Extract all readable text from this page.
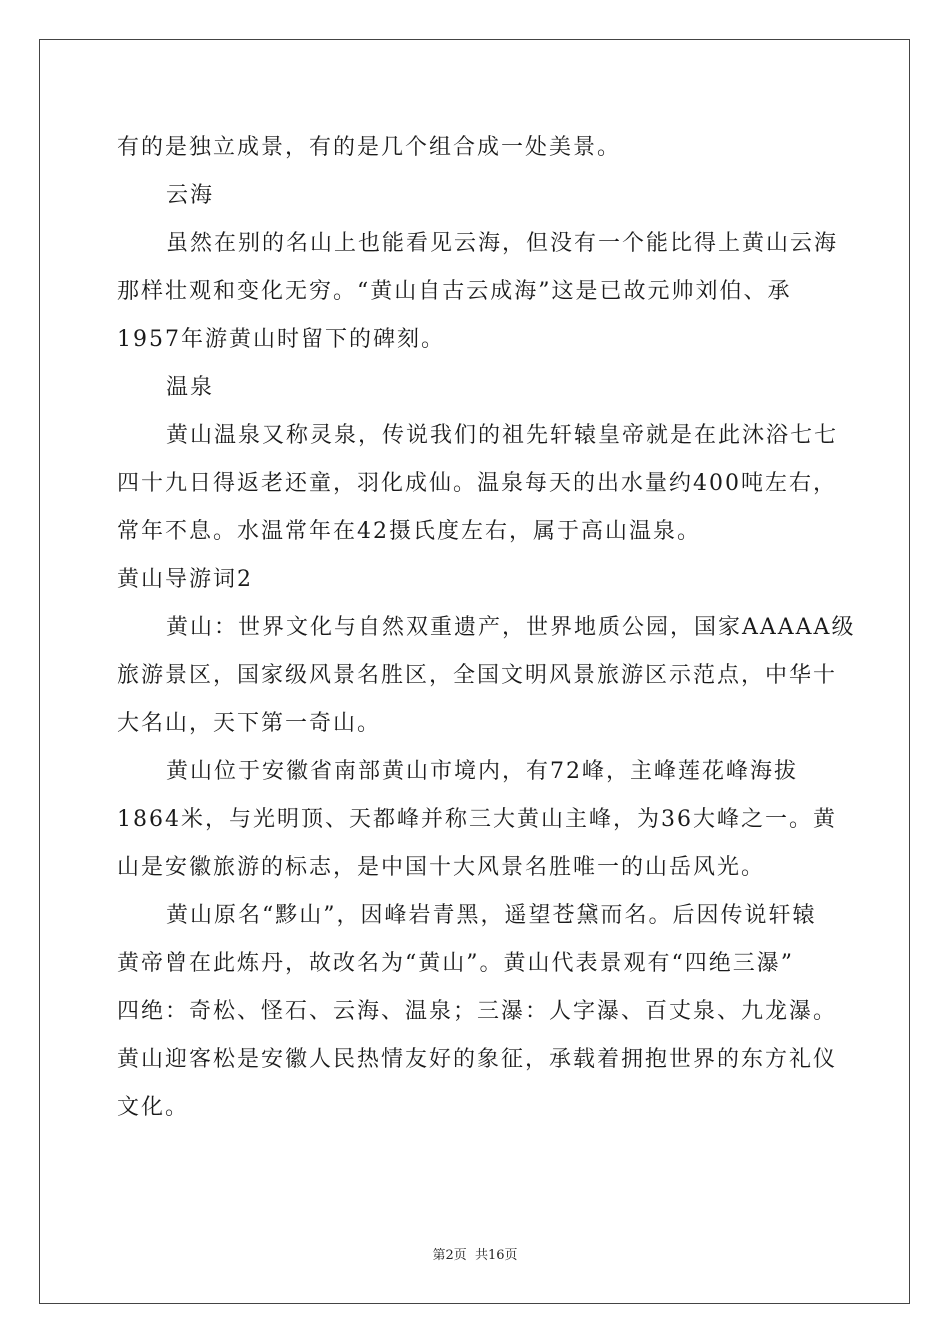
有的是独立成景，有的是几个组合成一处美景。
云海
虽然在别的名山上也能看见云海，但没有一个能比得上黄山云海
那样壮观和变化无穷。“黄山自古云成海”这是已故元帅刘伯、承
1957年游黄山时留下的碑刻。
温泉
黄山温泉又称灵泉，传说我们的祖先轩辕皇帝就是在此沐浴七七
四十九日得返老还童，羽化成仙。温泉每天的出水量约400吨左右，
常年不息。水温常年在42摄氏度左右，属于高山温泉。
黄山导游词2
黄山：世界文化与自然双重遗产，世界地质公园，国家AAAAA级
旅游景区，国家级风景名胜区，全国文明风景旅游区示范点，中华十
大名山，天下第一奇山。
黄山位于安徽省南部黄山市境内，有72峰，主峰莲花峰海拔
1864米，与光明顶、天都峰并称三大黄山主峰，为36大峰之一。黄
山是安徽旅游的标志，是中国十大风景名胜唯一的山岳风光。
黄山原名“黟山”，因峰岩青黑，遥望苍黛而名。后因传说轩辕
黄帝曾在此炼丹，故改名为“黄山”。黄山代表景观有“四绝三瀑”
四绝：奇松、怪石、云海、温泉；三瀑：人字瀑、百丈泉、九龙瀑。
黄山迎客松是安徽人民热情友好的象征，承载着拥抱世界的东方礼仪
文化。
第2页 共16页
